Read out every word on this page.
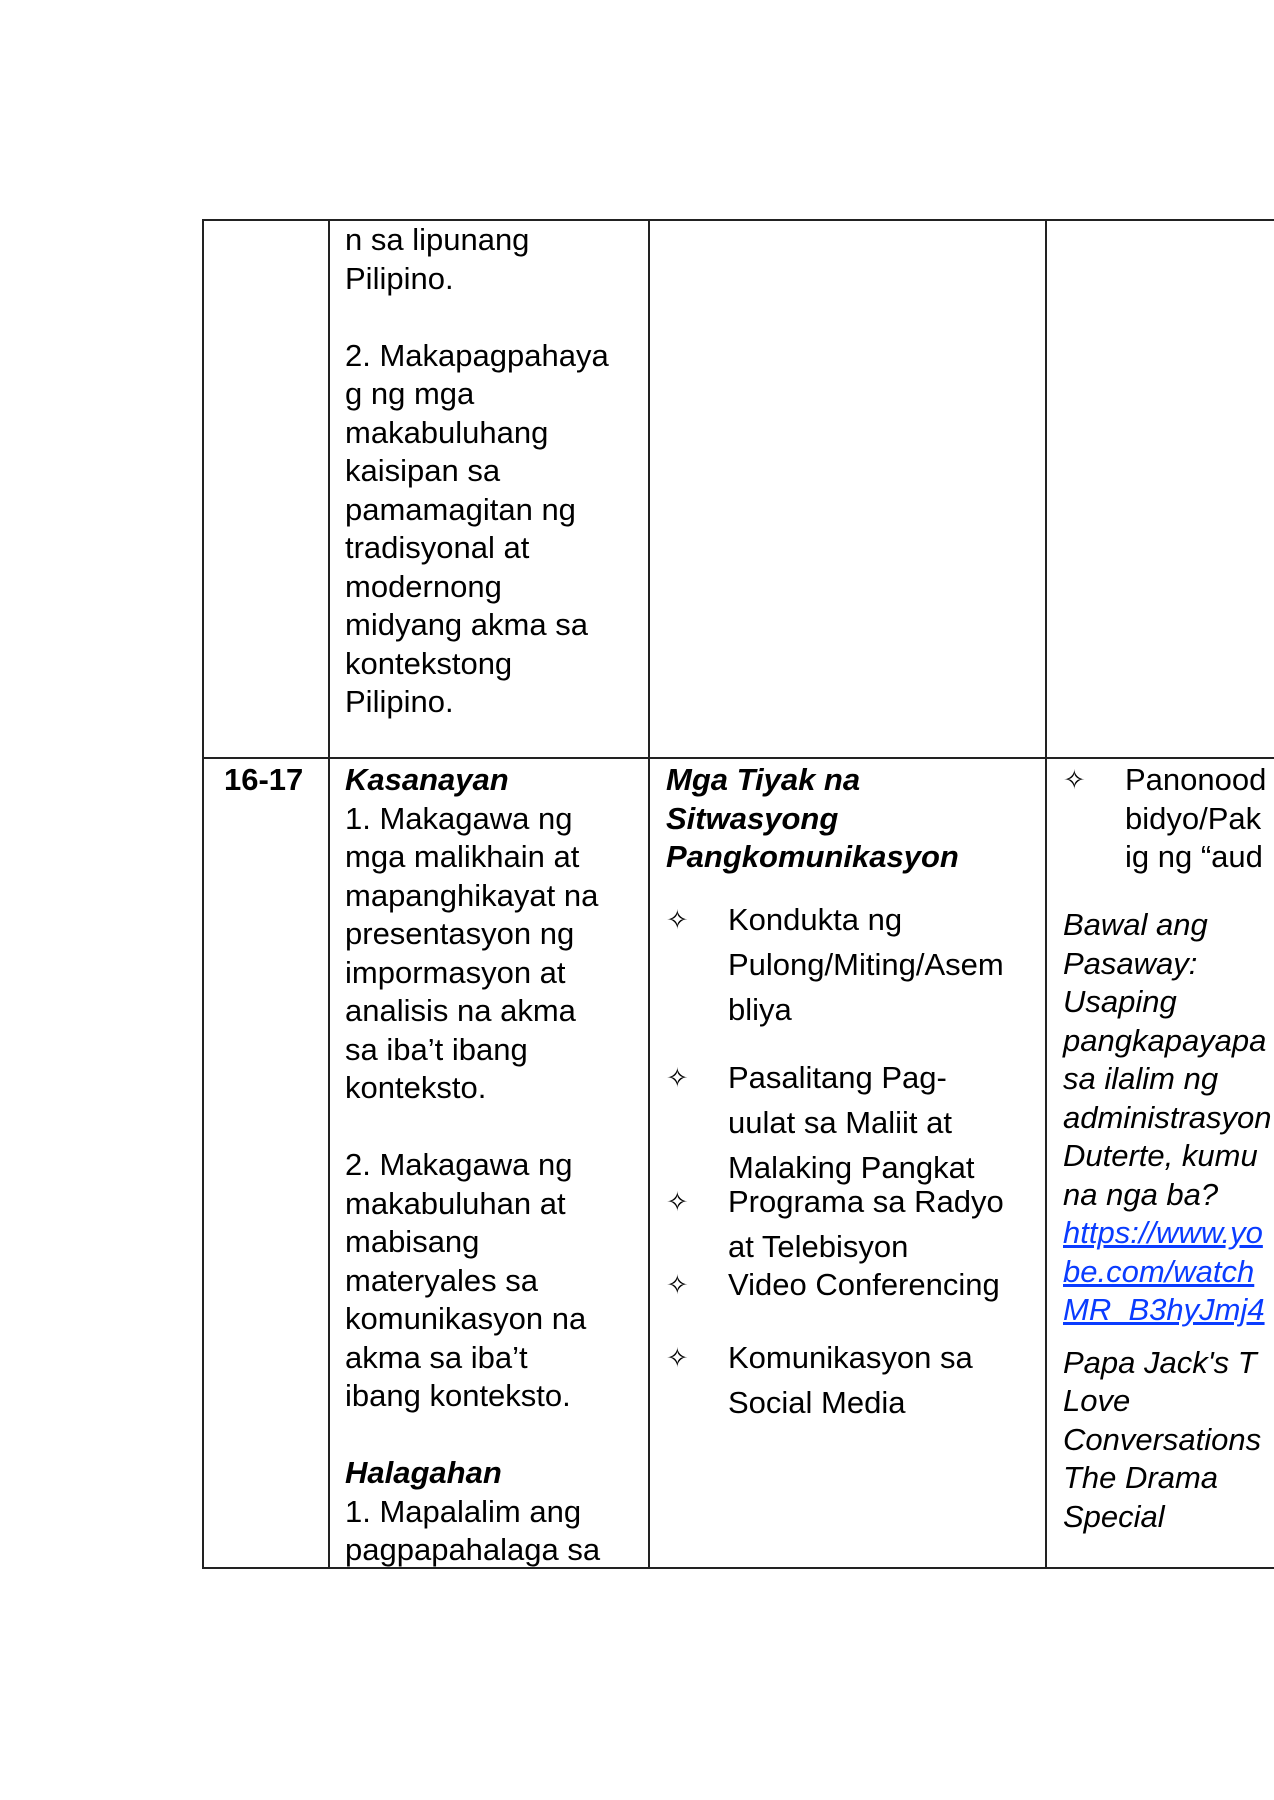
n sa lipunang
Pilipino.
2. Makapagpahaya
g ng mga
makabuluhang
kaisipan sa
pamamagitan ng
tradisyonal at
modernong
midyang akma sa
kontekstong
Pilipino.
16-17 Kasanayan
1. Makagawa ng
mga malikhain at
mapanghikayat na
presentasyon ng
impormasyon at
analisis na akma
sa iba’t ibang
konteksto.
2. Makagawa ng
makabuluhan at
mabisang
materyales sa
komunikasyon na
akma sa iba’t
ibang konteksto.
Halagahan
1. Mapalalim ang
pagpapahalaga sa
Mga Tiyak na
Sitwasyong
Pangkomunikasyon
✧ Kondukta ng
Pulong/Miting/Asem
bliya
✧ Pasalitang Pag-
uulat sa Maliit at
Malaking Pangkat
✧ Programa sa Radyo
at Telebisyon
✧ Video Conferencing
✧ Komunikasyon sa
Social Media
✧ Panonood
bidyo/Pak
ig ng “aud
Bawal ang
Pasaway:
Usaping
pangkapayapa
sa ilalim ng
administrasyon
Duterte, kumu
na nga ba?
https://www.yo
be.com/watch
MR_B3hyJmj4
Papa Jack's T
Love
Conversations
The Drama
Special
